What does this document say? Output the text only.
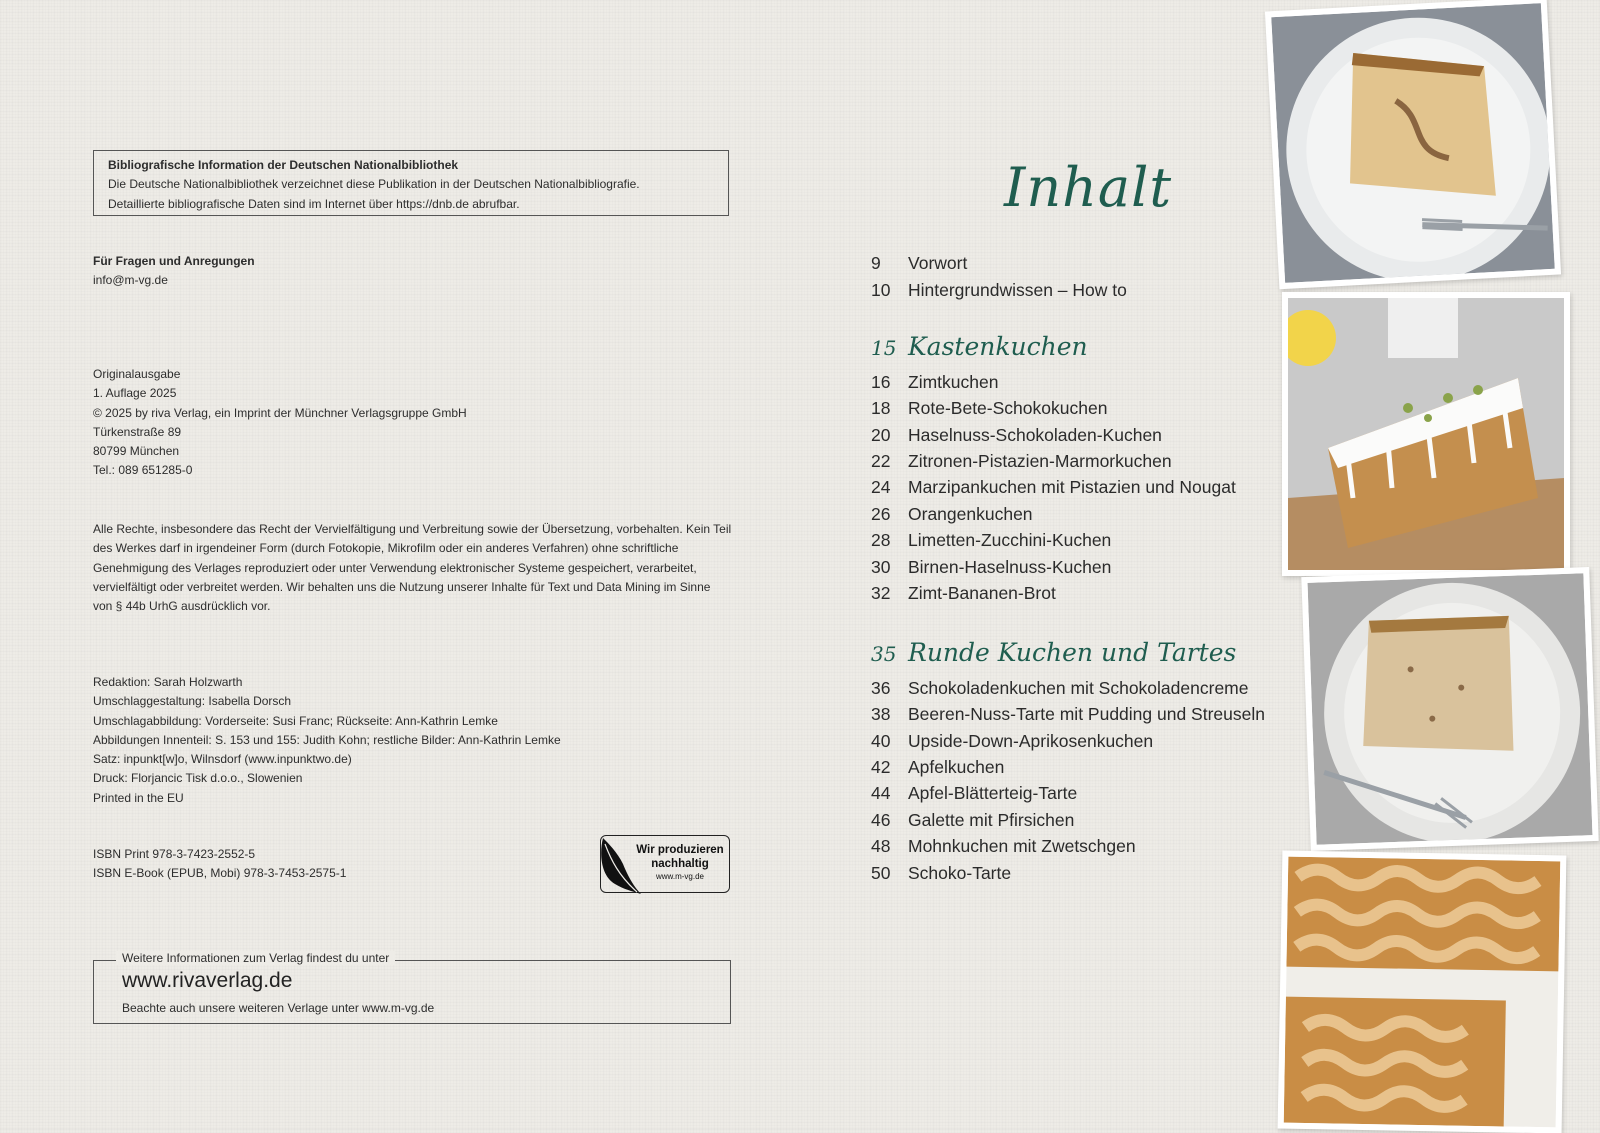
Bibliografische Information der Deutschen Nationalbibliothek
Die Deutsche Nationalbibliothek verzeichnet diese Publikation in der Deutschen Nationalbibliografie.
Detaillierte bibliografische Daten sind im Internet über https://dnb.de abrufbar.
Für Fragen und Anregungen
info@m-vg.de
Originalausgabe
1. Auflage 2025
© 2025 by riva Verlag, ein Imprint der Münchner Verlagsgruppe GmbH
Türkenstraße 89
80799 München
Tel.: 089 651285-0
Alle Rechte, insbesondere das Recht der Vervielfältigung und Verbreitung sowie der Übersetzung, vorbehalten. Kein Teil des Werkes darf in irgendeiner Form (durch Fotokopie, Mikrofilm oder ein anderes Verfahren) ohne schriftliche Genehmigung des Verlages reproduziert oder unter Verwendung elektronischer Systeme gespeichert, verarbeitet, vervielfältigt oder verbreitet werden. Wir behalten uns die Nutzung unserer Inhalte für Text und Data Mining im Sinne von § 44b UrhG ausdrücklich vor.
Redaktion: Sarah Holzwarth
Umschlaggestaltung: Isabella Dorsch
Umschlagabbildung: Vorderseite: Susi Franc; Rückseite: Ann-Kathrin Lemke
Abbildungen Innenteil: S. 153 und 155: Judith Kohn; restliche Bilder: Ann-Kathrin Lemke
Satz: inpunkt[w]o, Wilnsdorf (www.inpunktwo.de)
Druck: Florjancic Tisk d.o.o., Slowenien
Printed in the EU
ISBN Print 978-3-7423-2552-5
ISBN E-Book (EPUB, Mobi) 978-3-7453-2575-1
Wir produzieren
nachhaltig
www.m-vg.de
Weitere Informationen zum Verlag findest du unter
www.rivaverlag.de
Beachte auch unsere weiteren Verlage unter www.m-vg.de
Inhalt
9 Vorwort
10 Hintergrundwissen – How to
15 Kastenkuchen
16 Zimtkuchen
18 Rote-Bete-Schokokuchen
20 Haselnuss-Schokoladen-Kuchen
22 Zitronen-Pistazien-Marmorkuchen
24 Marzipankuchen mit Pistazien und Nougat
26 Orangenkuchen
28 Limetten-Zucchini-Kuchen
30 Birnen-Haselnuss-Kuchen
32 Zimt-Bananen-Brot
35 Runde Kuchen und Tartes
36 Schokoladenkuchen mit Schokoladencreme
38 Beeren-Nuss-Tarte mit Pudding und Streuseln
40 Upside-Down-Aprikosenkuchen
42 Apfelkuchen
44 Apfel-Blätterteig-Tarte
46 Galette mit Pfirsichen
48 Mohnkuchen mit Zwetschgen
50 Schoko-Tarte
